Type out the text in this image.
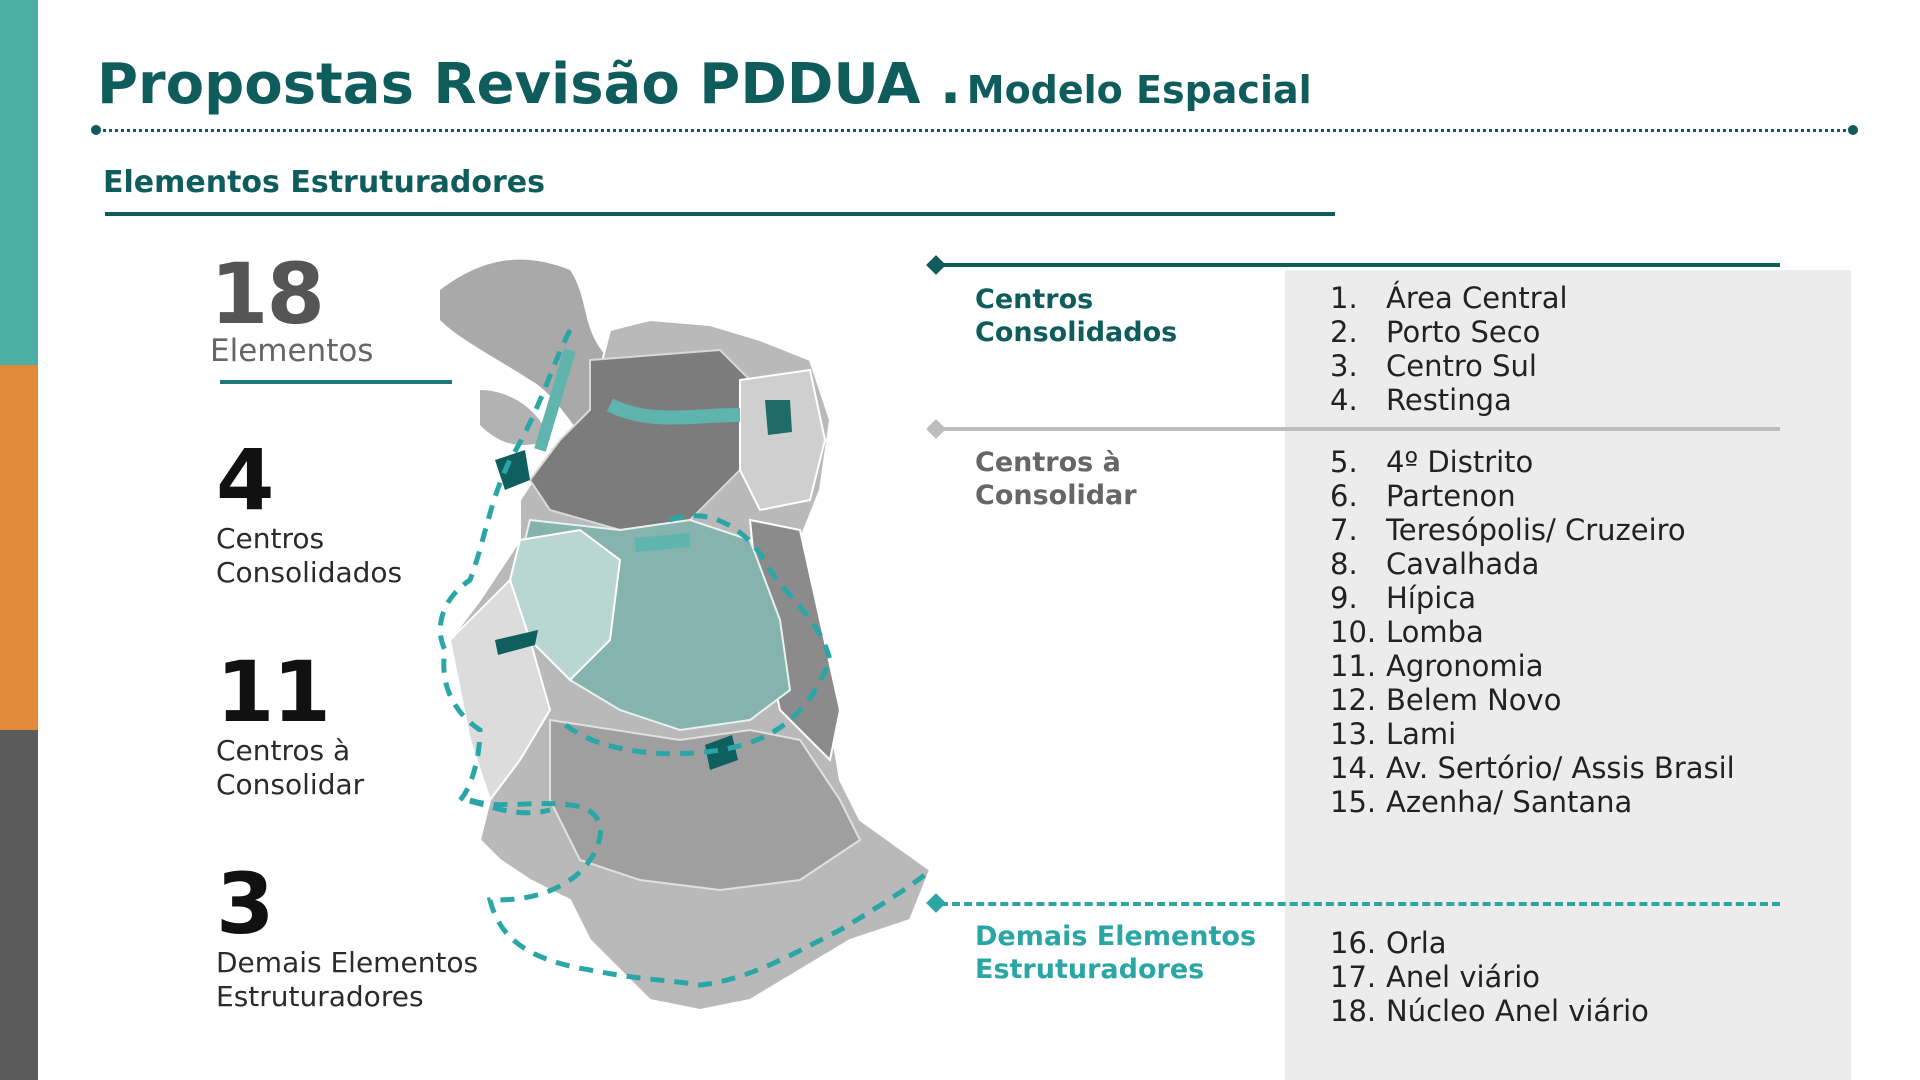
Propostas Revisão PDDUA . Modelo Espacial
Elementos Estruturadores
18
Elementos
4
Centros
Consolidados
11
Centros à
Consolidar
3
Demais Elementos
Estruturadores
Centros
Consolidados
Centros à
Consolidar
Demais Elementos
Estruturadores
1. Área Central
2. Porto Seco
3. Centro Sul
4. Restinga
5. 4º Distrito
6. Partenon
7. Teresópolis/ Cruzeiro
8. Cavalhada
9. Hípica
10. Lomba
11. Agronomia
12. Belem Novo
13. Lami
14. Av. Sertório/ Assis Brasil
15. Azenha/ Santana
16. Orla
17. Anel viário
18. Núcleo Anel viário
